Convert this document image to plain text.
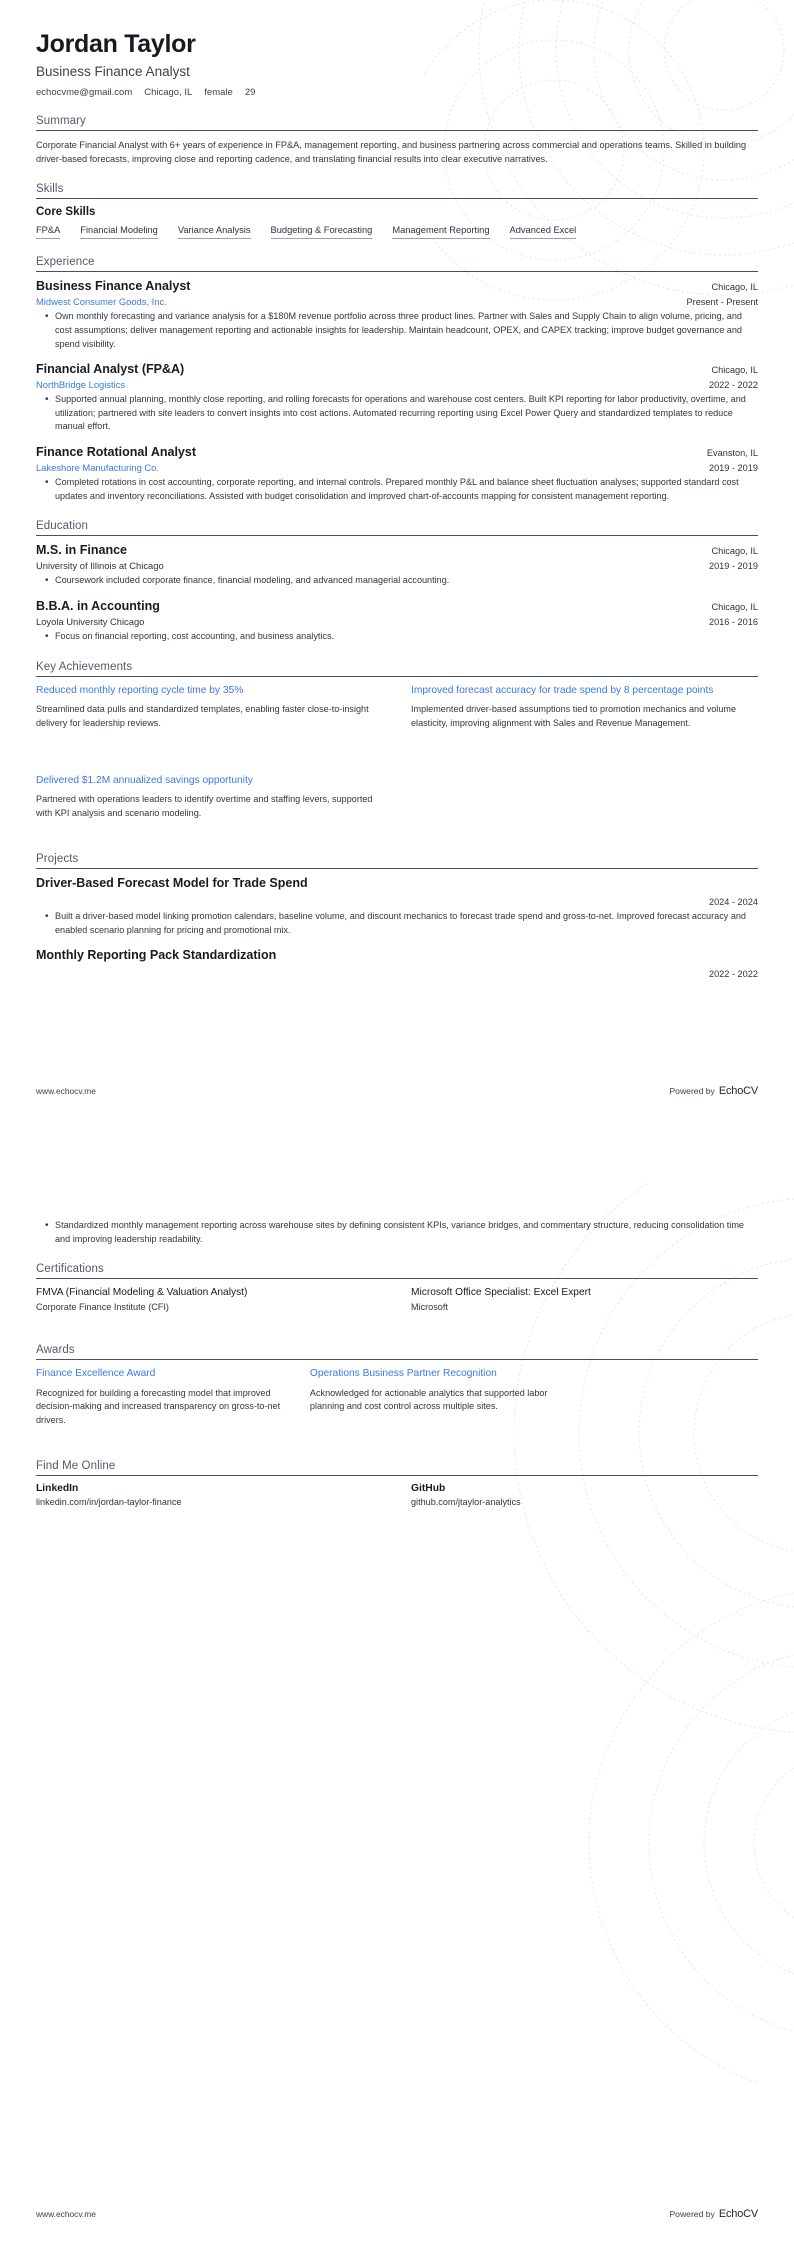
Jordan Taylor
Business Finance Analyst
echocvme@gmail.com Chicago, IL female 29
Summary
Corporate Financial Analyst with 6+ years of experience in FP&A, management reporting, and business partnering across commercial and operations teams. Skilled in building driver-based forecasts, improving close and reporting cadence, and translating financial results into clear executive narratives.
Skills
Core Skills
FP&A Financial Modeling Variance Analysis Budgeting & Forecasting Management Reporting Advanced Excel
Experience
Business Finance Analyst	Chicago, IL
Midwest Consumer Goods, Inc.	Present - Present
• Own monthly forecasting and variance analysis for a $180M revenue portfolio across three product lines. Partner with Sales and Supply Chain to align volume, pricing, and cost assumptions; deliver management reporting and actionable insights for leadership. Maintain headcount, OPEX, and CAPEX tracking; improve budget governance and spend visibility.
Financial Analyst (FP&A)	Chicago, IL
NorthBridge Logistics	2022 - 2022
• Supported annual planning, monthly close reporting, and rolling forecasts for operations and warehouse cost centers. Built KPI reporting for labor productivity, overtime, and utilization; partnered with site leaders to convert insights into cost actions. Automated recurring reporting using Excel Power Query and standardized templates to reduce manual effort.
Finance Rotational Analyst	Evanston, IL
Lakeshore Manufacturing Co.	2019 - 2019
• Completed rotations in cost accounting, corporate reporting, and internal controls. Prepared monthly P&L and balance sheet fluctuation analyses; supported standard cost updates and inventory reconciliations. Assisted with budget consolidation and improved chart-of-accounts mapping for consistent management reporting.
Education
M.S. in Finance	Chicago, IL
University of Illinois at Chicago	2019 - 2019
• Coursework included corporate finance, financial modeling, and advanced managerial accounting.
B.B.A. in Accounting	Chicago, IL
Loyola University Chicago	2016 - 2016
• Focus on financial reporting, cost accounting, and business analytics.
Key Achievements
Reduced monthly reporting cycle time by 35%
Streamlined data pulls and standardized templates, enabling faster close-to-insight delivery for leadership reviews.
Improved forecast accuracy for trade spend by 8 percentage points
Implemented driver-based assumptions tied to promotion mechanics and volume elasticity, improving alignment with Sales and Revenue Management.
Delivered $1.2M annualized savings opportunity
Partnered with operations leaders to identify overtime and staffing levers, supported with KPI analysis and scenario modeling.
Projects
Driver-Based Forecast Model for Trade Spend
2024 - 2024
• Built a driver-based model linking promotion calendars, baseline volume, and discount mechanics to forecast trade spend and gross-to-net. Improved forecast accuracy and enabled scenario planning for pricing and promotional mix.
Monthly Reporting Pack Standardization
2022 - 2022
www.echocv.me	Powered by EchoCV
• Standardized monthly management reporting across warehouse sites by defining consistent KPIs, variance bridges, and commentary structure, reducing consolidation time and improving leadership readability.
Certifications
FMVA (Financial Modeling & Valuation Analyst)
Corporate Finance Institute (CFI)
Microsoft Office Specialist: Excel Expert
Microsoft
Awards
Finance Excellence Award
Recognized for building a forecasting model that improved decision-making and increased transparency on gross-to-net drivers.
Operations Business Partner Recognition
Acknowledged for actionable analytics that supported labor planning and cost control across multiple sites.
Find Me Online
LinkedIn
linkedin.com/in/jordan-taylor-finance
GitHub
github.com/jtaylor-analytics
www.echocv.me	Powered by EchoCV
